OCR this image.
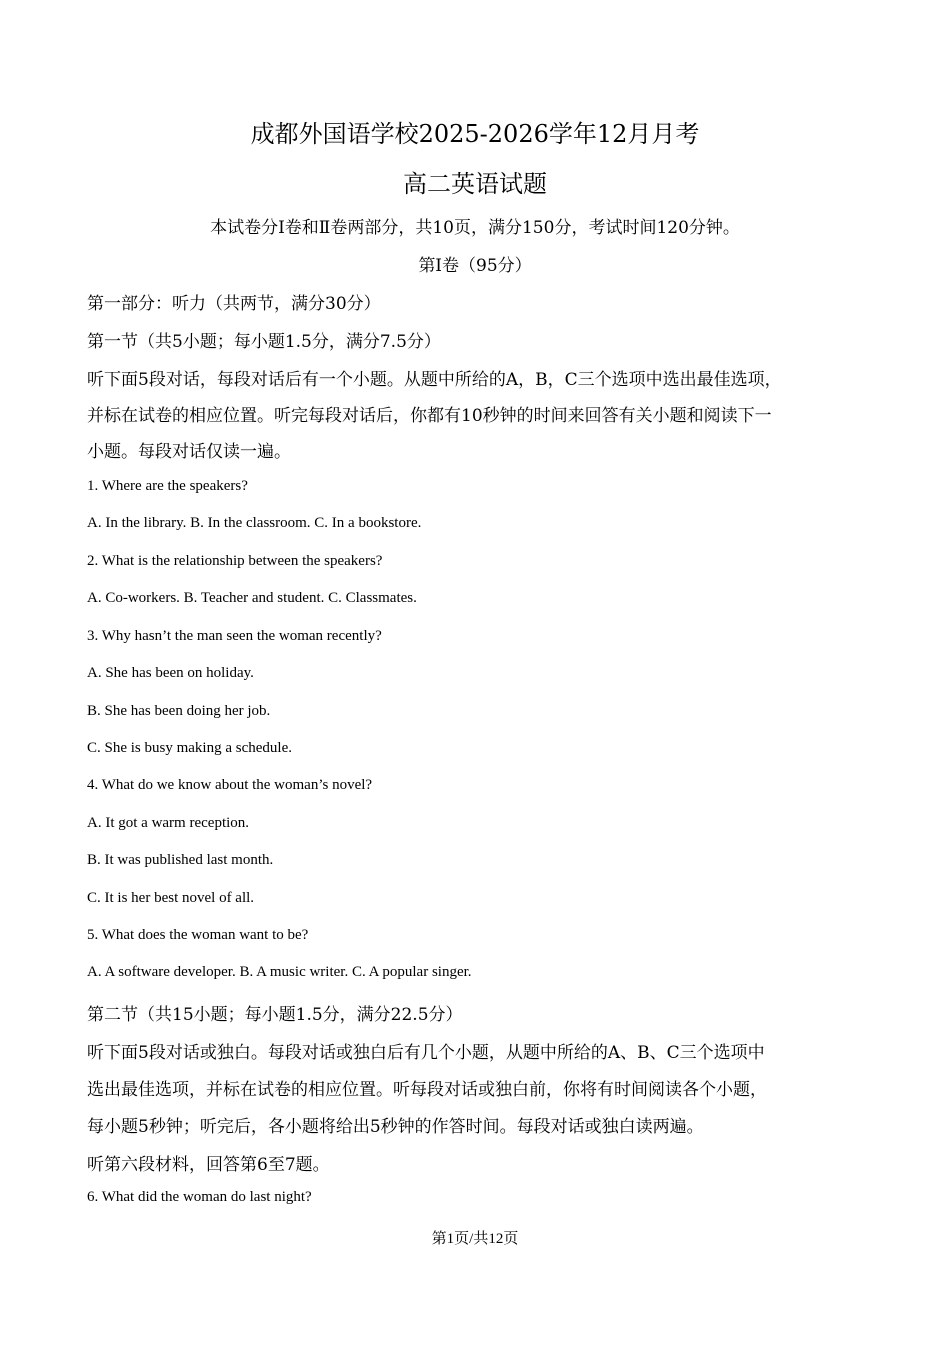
成都外国语学校2025-2026学年12月月考
高二英语试题
本试卷分Ⅰ卷和Ⅱ卷两部分，共10页，满分150分，考试时间120分钟。
第Ⅰ卷（95分）
第一部分：听力（共两节，满分30分）
第一节（共5小题；每小题1.5分，满分7.5分）
听下面5段对话，每段对话后有一个小题。从题中所给的A，B，C三个选项中选出最佳选项，
并标在试卷的相应位置。听完每段对话后，你都有10秒钟的时间来回答有关小题和阅读下一
小题。每段对话仅读一遍。
1. Where are the speakers?
A. In the library. B. In the classroom. C. In a bookstore.
2. What is the relationship between the speakers?
A. Co-workers. B. Teacher and student. C. Classmates.
3. Why hasn’t the man seen the woman recently?
A. She has been on holiday.
B. She has been doing her job.
C. She is busy making a schedule.
4. What do we know about the woman’s novel?
A. It got a warm reception.
B. It was published last month.
C. It is her best novel of all.
5. What does the woman want to be?
A. A software developer. B. A music writer. C. A popular singer.
第二节（共15小题；每小题1.5分，满分22.5分）
听下面5段对话或独白。每段对话或独白后有几个小题，从题中所给的A、B、C三个选项中
选出最佳选项，并标在试卷的相应位置。听每段对话或独白前，你将有时间阅读各个小题，
每小题5秒钟；听完后，各小题将给出5秒钟的作答时间。每段对话或独白读两遍。
听第六段材料，回答第6至7题。
6. What did the woman do last night?
第1页/共12页
